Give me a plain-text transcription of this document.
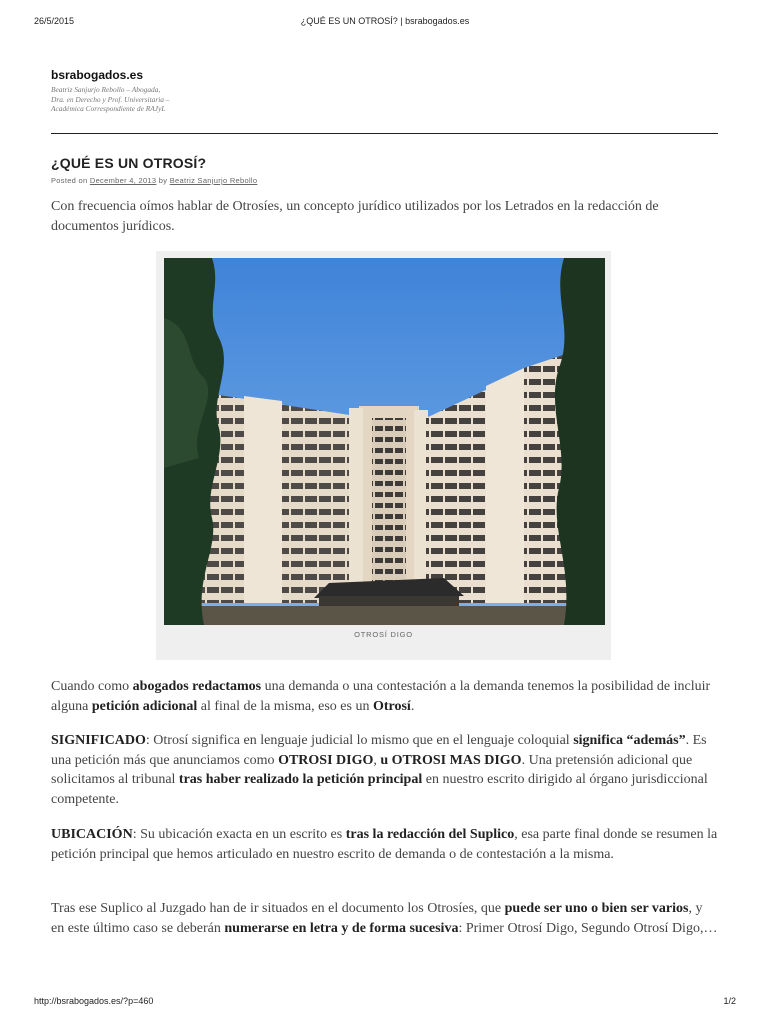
26/5/2015	¿QUÉ ES UN OTROSÍ? | bsrabogados.es
bsrabogados.es
Beatriz Sanjurjo Rebollo – Abogada,
Dra. en Derecho y Prof. Universitaria –
Académica Correspondiente de RAJyL
¿QUÉ ES UN OTROSÍ?
Posted on December 4, 2013 by Beatriz Sanjurjo Rebollo

Con frecuencia oímos hablar de Otrosíes, un concepto jurídico utilizados por los Letrados en la redacción de documentos jurídicos.

OTROSÍ DIGO

Cuando como abogados redactamos una demanda o una contestación a la demanda tenemos la posibilidad de incluir alguna petición adicional al final de la misma, eso es un Otrosí.

SIGNIFICADO: Otrosí significa en lenguaje judicial lo mismo que en el lenguaje coloquial significa “además”. Es una petición más que anunciamos como OTROSI DIGO, u OTROSI MAS DIGO. Una pretensión adicional que solicitamos al tribunal tras haber realizado la petición principal en nuestro escrito dirigido al órgano jurisdiccional competente.

UBICACIÓN: Su ubicación exacta en un escrito es tras la redacción del Suplico, esa parte final donde se resumen la petición principal que hemos articulado en nuestro escrito de demanda o de contestación a la misma.

Tras ese Suplico al Juzgado han de ir situados en el documento los Otrosíes, que puede ser uno o bien ser varios, y en este último caso se deberán numerarse en letra y de forma sucesiva: Primer Otrosí Digo, Segundo Otrosí Digo,…

http://bsrabogados.es/?p=460	1/2
